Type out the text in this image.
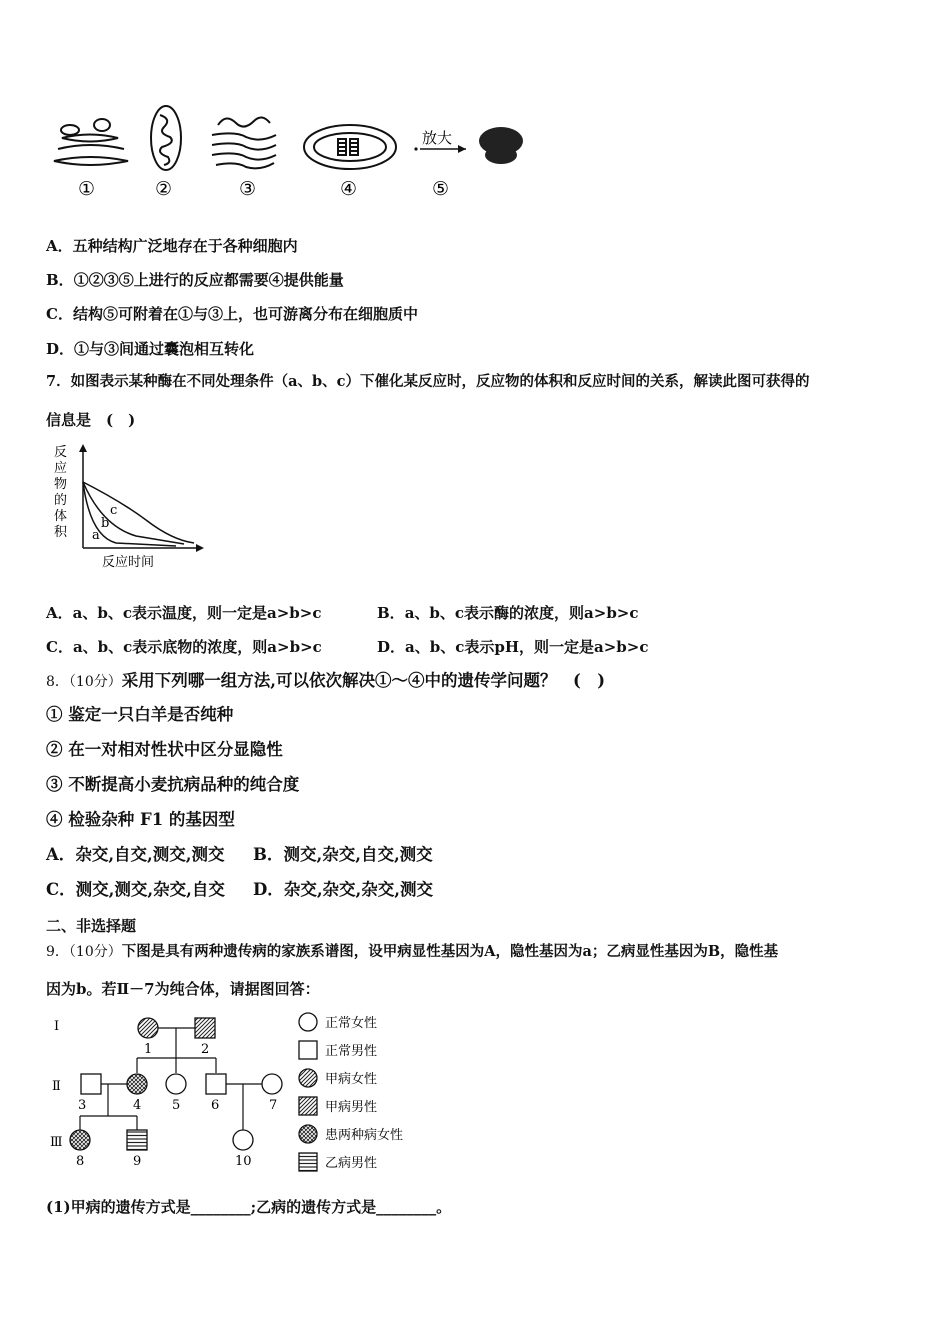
放大
①	②	③	④	⑤
A．五种结构广泛地存在于各种细胞内
B．①②③⑤上进行的反应都需要④提供能量
C．结构⑤可附着在①与③上，也可游离分布在细胞质中
D．①与③间通过囊泡相互转化
7．如图表示某种酶在不同处理条件（a、b、c）下催化某反应时，反应物的体积和反应时间的关系，解读此图可获得的
信息是　(　)
反
应
物
的
体
积 a
b
c
反应时间
A．a、b、c表示温度，则一定是a>b>c	B．a、b、c表示酶的浓度，则a>b>c
C．a、b、c表示底物的浓度，则a>b>c	D．a、b、c表示pH，则一定是a>b>c
8．（10分）采用下列哪一组方法,可以依次解决①～④中的遗传学问题？　(　)
① 鉴定一只白羊是否纯种
② 在一对相对性状中区分显隐性
③ 不断提高小麦抗病品种的纯合度
④ 检验杂种 F1 的基因型
A．杂交,自交,测交,测交 B．测交,杂交,自交,测交
C．测交,测交,杂交,自交 D．杂交,杂交,杂交,测交
二、非选择题
9．（10分）下图是具有两种遗传病的家族系谱图，设甲病显性基因为A，隐性基因为a；乙病显性基因为B，隐性基
因为b。若Ⅱ－7为纯合体，请据图回答：
Ⅰ
Ⅱ
Ⅲ
1	2
3	4 5 6	7
8	9	10
正常女性
正常男性
甲病女性
甲病男性
患两种病女性
乙病男性
(1)甲病的遗传方式是________;乙病的遗传方式是________。
